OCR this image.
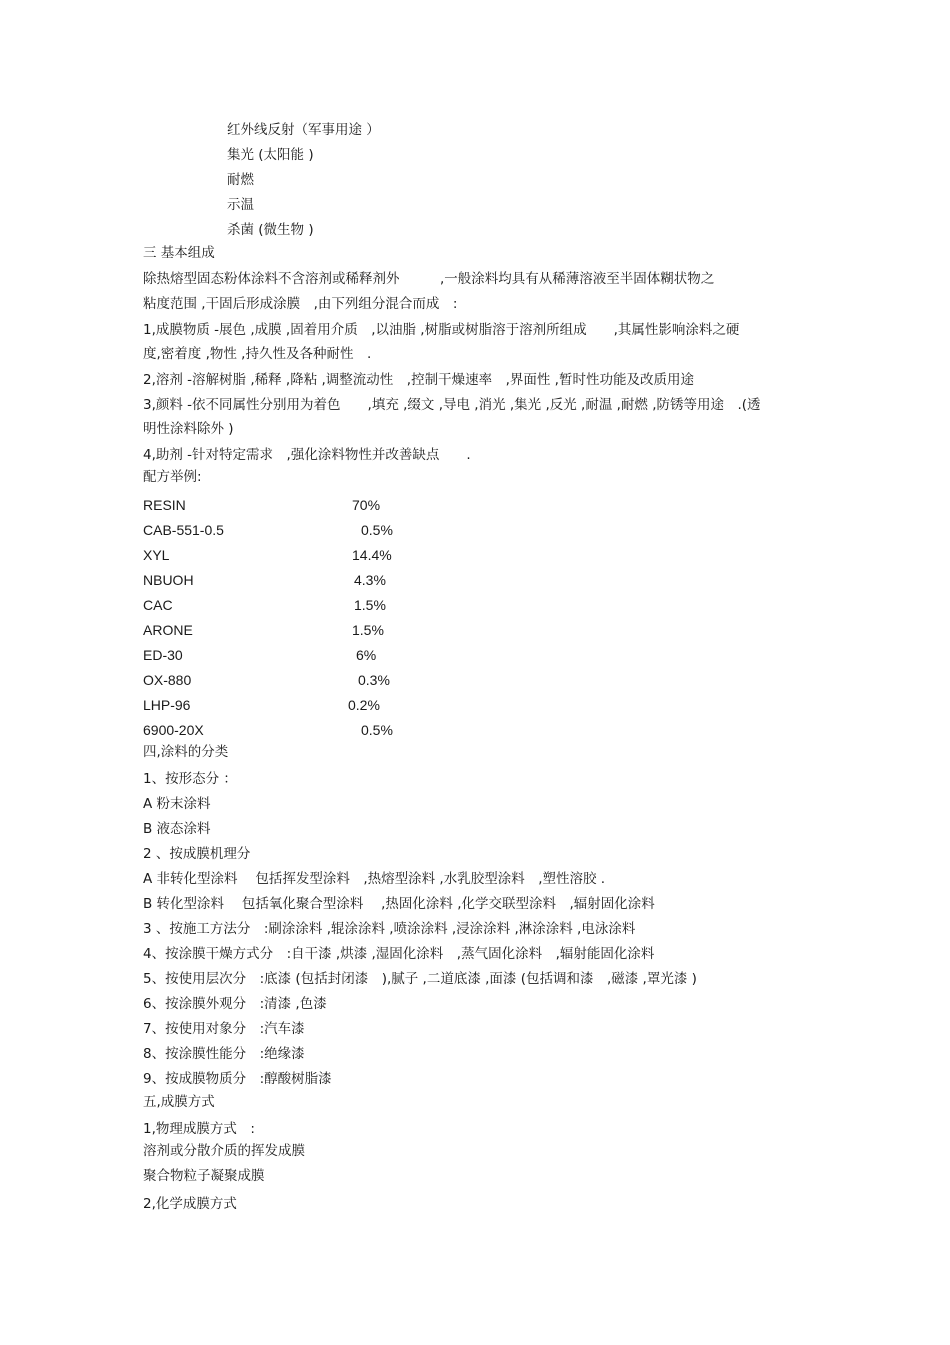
红外线反射（军事用途 ）
集光 (太阳能 )
耐燃
示温
杀菌 (微生物 )
三 基本组成
除热熔型固态粉体涂料不含溶剂或稀释剂外　　　,一般涂料均具有从稀薄溶液至半固体糊状物之
粘度范围 ,干固后形成涂膜　,由下列组分混合而成　:
1,成膜物质 -展色 ,成膜 ,固着用介质　,以油脂 ,树脂或树脂溶于溶剂所组成　　,其属性影响涂料之硬
度,密着度 ,物性 ,持久性及各种耐性　.
2,溶剂 -溶解树脂 ,稀释 ,降粘 ,调整流动性　,控制干燥速率　,界面性 ,暂时性功能及改质用途
3,颜料 -依不同属性分别用为着色　　,填充 ,缀文 ,导电 ,消光 ,集光 ,反光 ,耐温 ,耐燃 ,防锈等用途　.(透
明性涂料除外 )
4,助剂 -针对特定需求　,强化涂料物性并改善缺点　　.
配方举例:
RESIN	70%
CAB-551-0.5	0.5%
XYL	14.4%
NBUOH	4.3%
CAC	1.5%
ARONE	1.5%
ED-30	6%
OX-880	0.3%
LHP-96	0.2%
6900-20X	0.5%
四,涂料的分类
1、按形态分 ：
A 粉末涂料
B 液态涂料
2 、按成膜机理分
A 非转化型涂料　 包括挥发型涂料　,热熔型涂料 ,水乳胶型涂料　,塑性溶胶 .
B 转化型涂料　 包括氧化聚合型涂料　 ,热固化涂料 ,化学交联型涂料　,辐射固化涂料
3 、按施工方法分　:刷涂涂料 ,辊涂涂料 ,喷涂涂料 ,浸涂涂料 ,淋涂涂料 ,电泳涂料
4、按涂膜干燥方式分　:自干漆 ,烘漆 ,湿固化涂料　,蒸气固化涂料　,辐射能固化涂料
5、按使用层次分　:底漆 (包括封闭漆　),腻子 ,二道底漆 ,面漆 (包括调和漆　,磁漆 ,罩光漆 )
6、按涂膜外观分　:清漆 ,色漆
7、按使用对象分　:汽车漆
8、按涂膜性能分　:绝缘漆
9、按成膜物质分　:醇酸树脂漆
五,成膜方式
1,物理成膜方式　:
溶剂或分散介质的挥发成膜
聚合物粒子凝聚成膜
2,化学成膜方式
